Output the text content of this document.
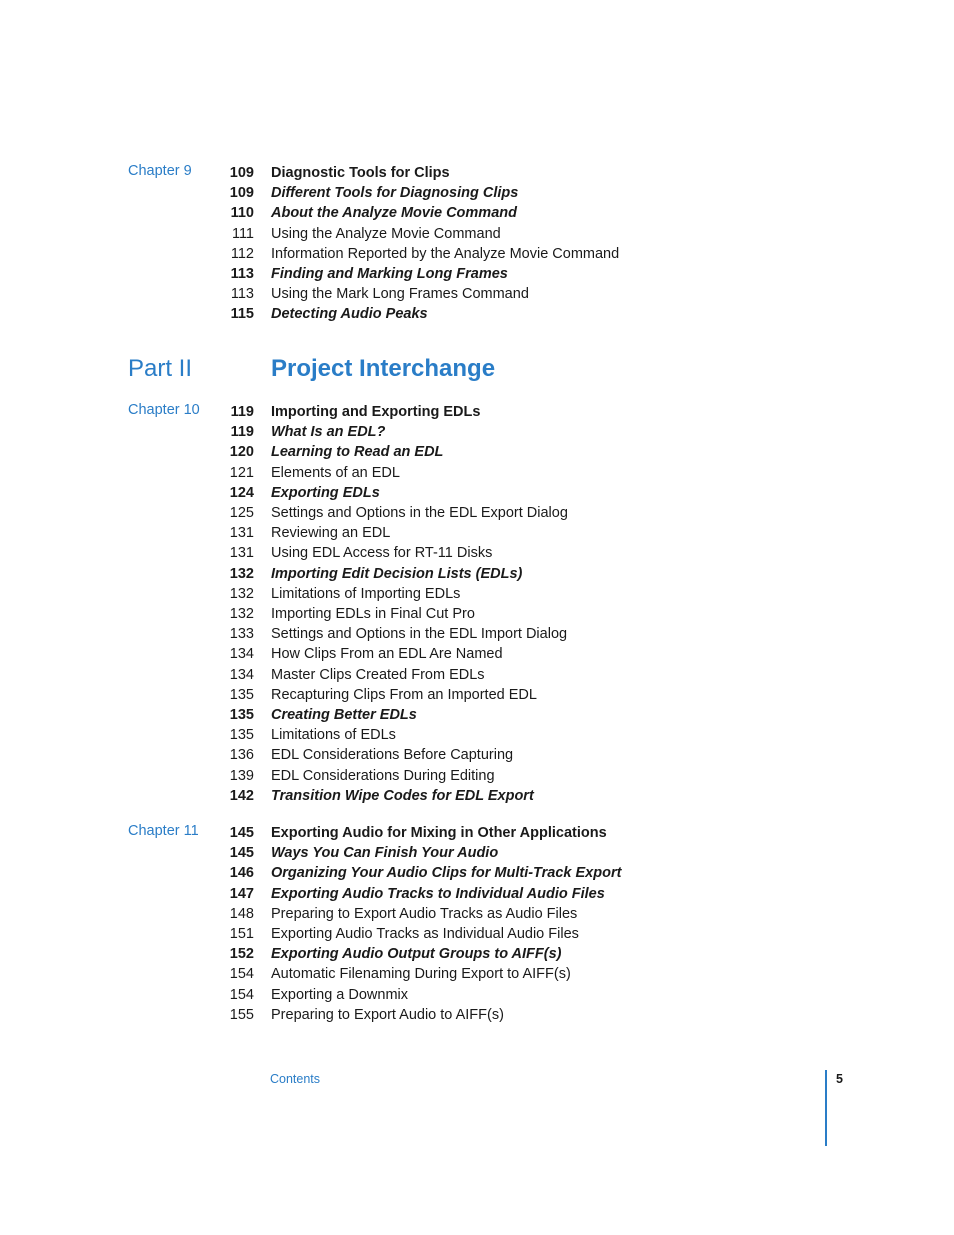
Chapter 9
Part II	Project Interchange
Chapter 10
Chapter 11
Contents	5
109 Diagnostic Tools for Clips
109 Different Tools for Diagnosing Clips
110 About the Analyze Movie Command
111 Using the Analyze Movie Command
112 Information Reported by the Analyze Movie Command
113 Finding and Marking Long Frames
113 Using the Mark Long Frames Command
115 Detecting Audio Peaks
119 Importing and Exporting EDLs
119 What Is an EDL?
120 Learning to Read an EDL
121 Elements of an EDL
124 Exporting EDLs
125 Settings and Options in the EDL Export Dialog
131 Reviewing an EDL
131 Using EDL Access for RT-11 Disks
132 Importing Edit Decision Lists (EDLs)
132 Limitations of Importing EDLs
132 Importing EDLs in Final Cut Pro
133 Settings and Options in the EDL Import Dialog
134 How Clips From an EDL Are Named
134 Master Clips Created From EDLs
135 Recapturing Clips From an Imported EDL
135 Creating Better EDLs
135 Limitations of EDLs
136 EDL Considerations Before Capturing
139 EDL Considerations During Editing
142 Transition Wipe Codes for EDL Export
145 Exporting Audio for Mixing in Other Applications
145 Ways You Can Finish Your Audio
146 Organizing Your Audio Clips for Multi-Track Export
147 Exporting Audio Tracks to Individual Audio Files
148 Preparing to Export Audio Tracks as Audio Files
151 Exporting Audio Tracks as Individual Audio Files
152 Exporting Audio Output Groups to AIFF(s)
154 Automatic Filenaming During Export to AIFF(s)
154 Exporting a Downmix
155 Preparing to Export Audio to AIFF(s)
